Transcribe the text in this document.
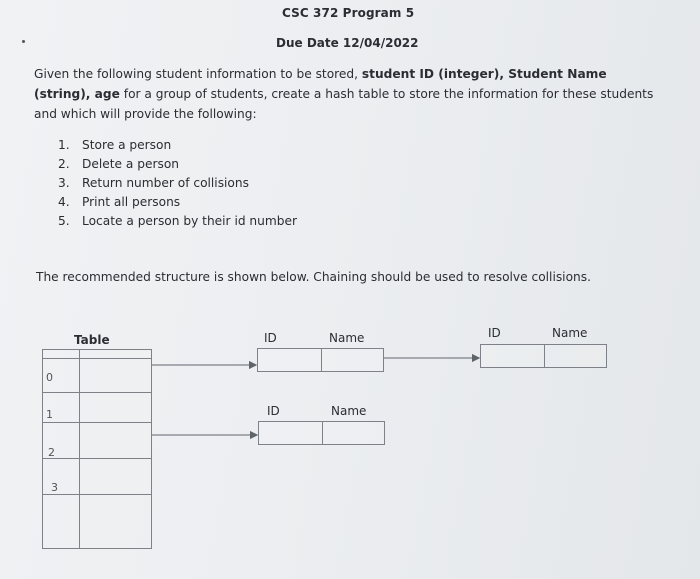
CSC 372 Program 5
Due Date 12/04/2022
Given the following student information to be stored, student ID (integer), Student Name (string), age for a group of students, create a hash table to store the information for these students and which will provide the following:
1. Store a person
2. Delete a person
3. Return number of collisions
4. Print all persons
5. Locate a person by their id number
The recommended structure is shown below. Chaining should be used to resolve collisions.
Table
0
1
2
3
ID	Name
ID	Name
ID	Name
